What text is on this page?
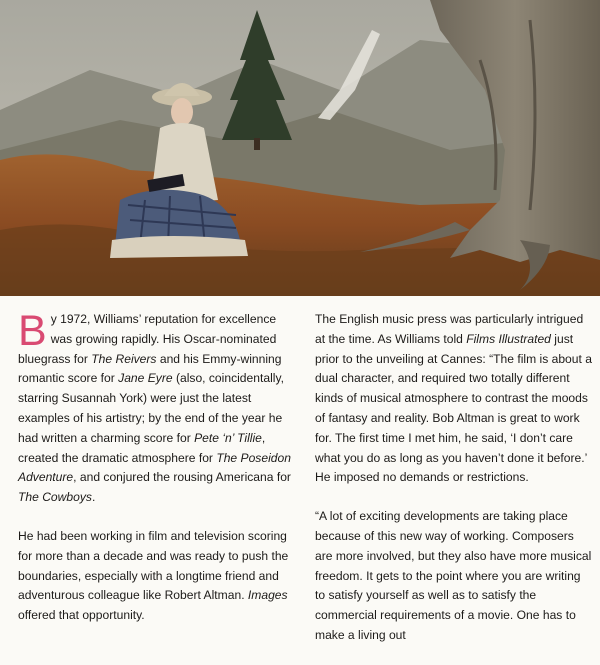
By 1972, Williams’ reputation for excellence was growing rapidly. His Oscar-nominated bluegrass for The Reivers and his Emmy-winning romantic score for Jane Eyre (also, coincidentally, starring Susannah York) were just the latest examples of his artistry; by the end of the year he had written a charming score for Pete ‘n’ Tillie, created the dramatic atmosphere for The Poseidon Adventure, and conjured the rousing Americana for The Cowboys.

He had been working in film and television scoring for more than a decade and was ready to push the boundaries, especially with a longtime friend and adventurous colleague like Robert Altman. Images offered that opportunity.

The English music press was particularly intrigued at the time. As Williams told Films Illustrated just prior to the unveiling at Cannes: “The film is about a dual character, and required two totally different kinds of musical atmosphere to contrast the moods of fantasy and reality. Bob Altman is great to work for. The first time I met him, he said, ‘I don’t care what you do as long as you haven’t done it before.’ He imposed no demands or restrictions.

“A lot of exciting developments are taking place because of this new way of working. Composers are more involved, but they also have more musical freedom. It gets to the point where you are writing to satisfy yourself as well as to satisfy the commercial requirements of a movie. One has to make a living out
